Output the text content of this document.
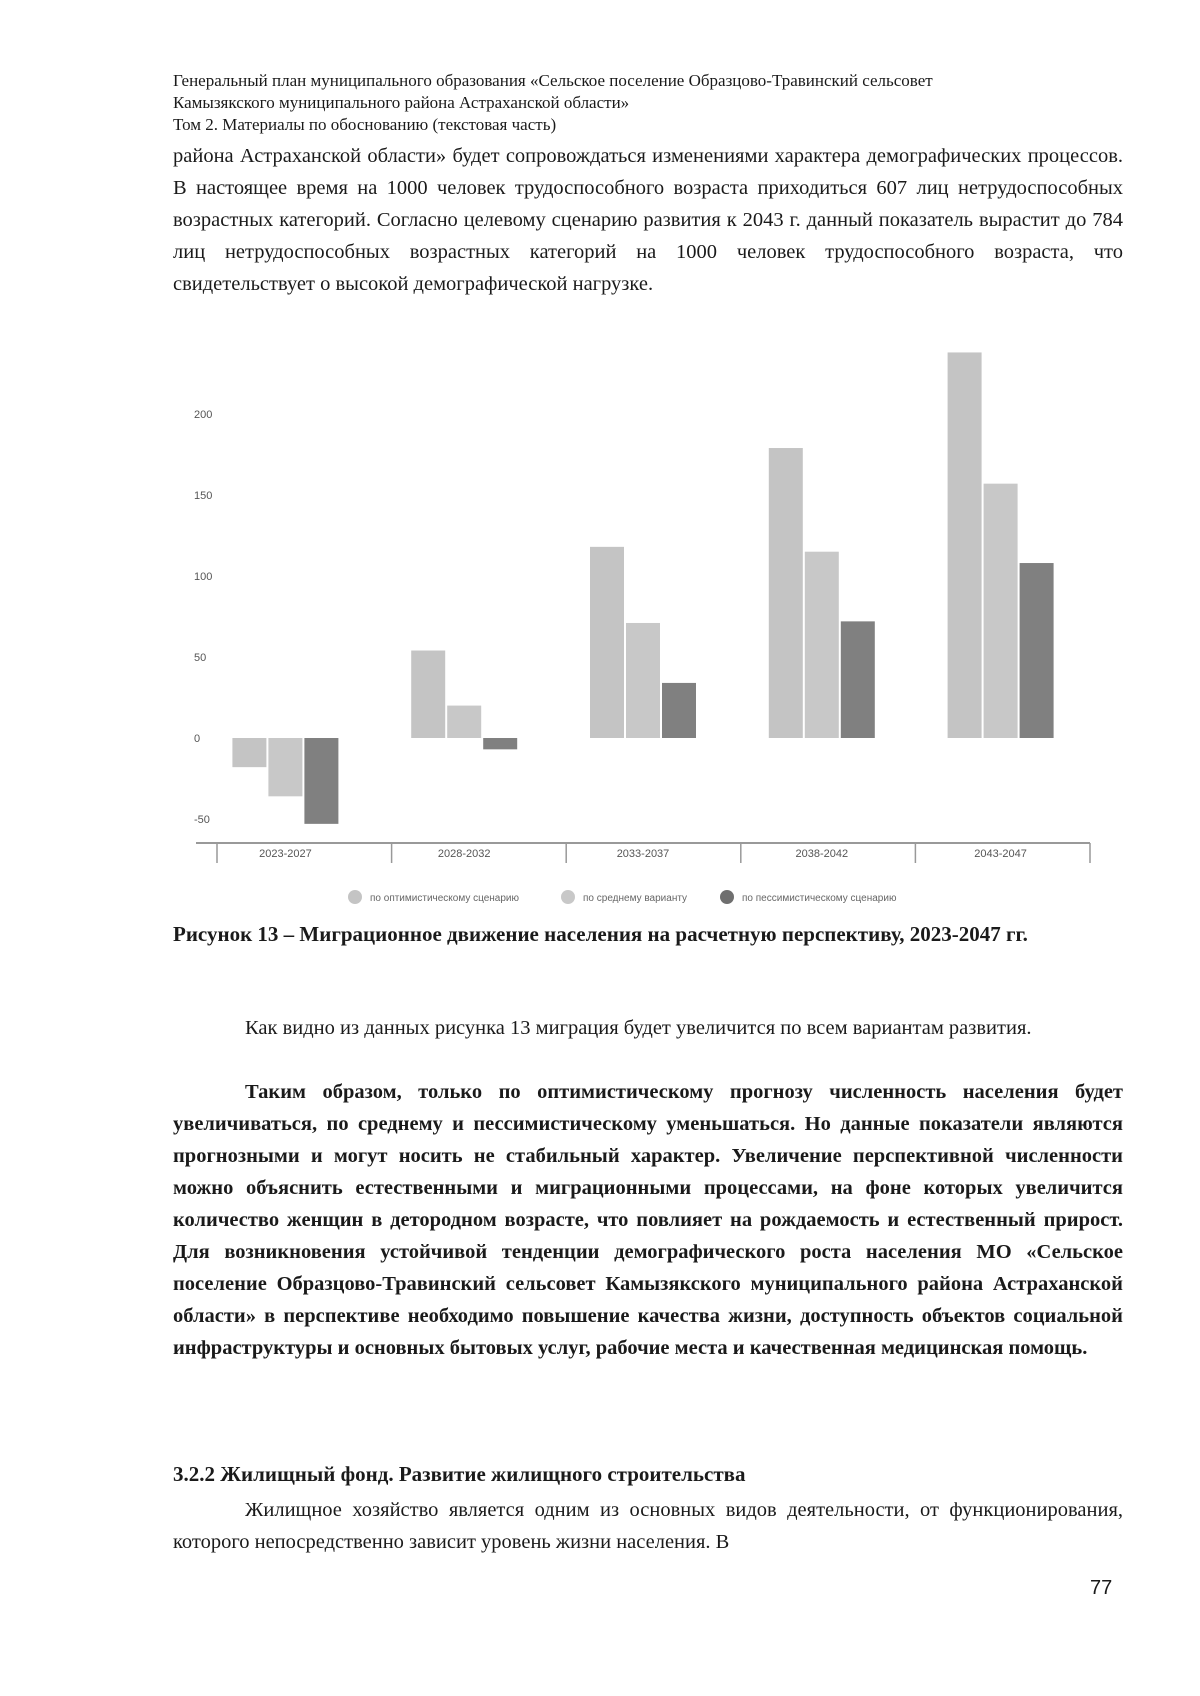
Генеральный план муниципального образования «Сельское поселение Образцово-Травинский сельсовет
Камызякского муниципального района Астраханской области»
Том 2. Материалы по обоснованию (текстовая часть)

района Астраханской области» будет сопровождаться изменениями характера демографических процессов. В настоящее время на 1000 человек трудоспособного возраста приходиться 607 лиц нетрудоспособных возрастных категорий. Согласно целевому сценарию развития к 2043 г. данный показатель вырастит до 784 лиц нетрудоспособных возрастных категорий на 1000 человек трудоспособного возраста, что свидетельствует о высокой демографической нагрузке.

-50
0
50
100
150
200
2023-2027	2028-2032	2033-2037	2038-2042	2043-2047
по оптимистическому сценарию	по среднему варианту	по пессимистическому сценарию

Рисунок 13 – Миграционное движение населения на расчетную перспективу, 2023-2047 гг.

Как видно из данных рисунка 13 миграция будет увеличится по всем вариантам развития.

Таким образом, только по оптимистическому прогнозу численность населения будет увеличиваться, по среднему и пессимистическому уменьшаться. Но данные показатели являются прогнозными и могут носить не стабильный характер. Увеличение перспективной численности можно объяснить естественными и миграционными процессами, на фоне которых увеличится количество женщин в детородном возрасте, что повлияет на рождаемость и естественный прирост. Для возникновения устойчивой тенденции демографического роста населения МО «Сельское поселение Образцово-Травинский сельсовет Камызякского муниципального района Астраханской области» в перспективе необходимо повышение качества жизни, доступность объектов социальной инфраструктуры и основных бытовых услуг, рабочие места и качественная медицинская помощь.

3.2.2 Жилищный фонд. Развитие жилищного строительства

Жилищное хозяйство является одним из основных видов деятельности, от функционирования, которого непосредственно зависит уровень жизни населения. В

77
